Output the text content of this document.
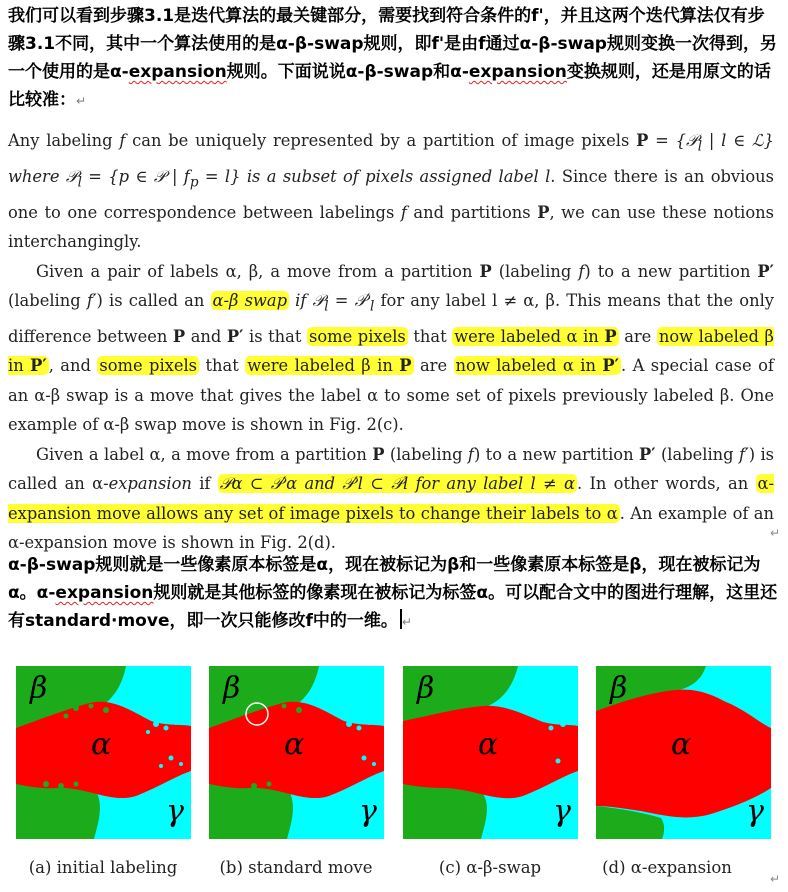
我们可以看到步骤3.1是迭代算法的最关键部分，需要找到符合条件的f'，并且这两个迭代算法仅有步骤3.1不同，其中一个算法使用的是α-β-swap规则，即f'是由f通过α-β-swap规则变换一次得到，另一个使用的是α-expansion规则。下面说说α-β-swap和α-expansion变换规则，还是用原文的话比较准：↵

Any labeling f can be uniquely represented by a partition of image pixels P = {𝒫$_l$ | l ∈ ℒ} where 𝒫$_l$ = {p ∈ 𝒫 | $f_p = l$} is a subset of pixels assigned label l. Since there is an obvious one to one correspondence between labelings f and partitions P, we can use these notions interchangingly.

Given a pair of labels α, β, a move from a partition P (labeling f) to a new partition P′ (labeling f′) is called an α-β swap if 𝒫$_l$ = $𝒫'_l$ for any label l ≠ α, β. This means that the only difference between P and P′ is that some pixels that were labeled α in P are now labeled β in P′ , and some pixels that were labeled β in P are now labeled α in P′ . A special case of an α-β swap is a move that gives the label α to some set of pixels previously labeled β. One example of α-β swap move is shown in Fig. 2(c).

Given a label α, a move from a partition P (labeling f) to a new partition P′ (labeling f′) is called an α-expansion if 𝒫α ⊂ 𝒫′α and 𝒫′l ⊂ 𝒫l for any label l ≠ α . In other words, an α-expansion move allows any set of image pixels to change their labels to α . An example of an α-expansion move is shown in Fig. 2(d).

↵
α-β-swap规则就是一些像素原本标签是α，现在被标记为β和一些像素原本标签是β，现在被标记为α。α-expansion规则就是其他标签的像素现在被标记为标签α。可以配合文中的图进行理解，这里还有standard·move，即一次只能修改f中的一维。 ↵
β
α
γ
(a) initial labeling
β
α
γ
(b) standard move
β
α
γ
(c) α-β-swap
β
α
γ
(d) α-expansion
↵
